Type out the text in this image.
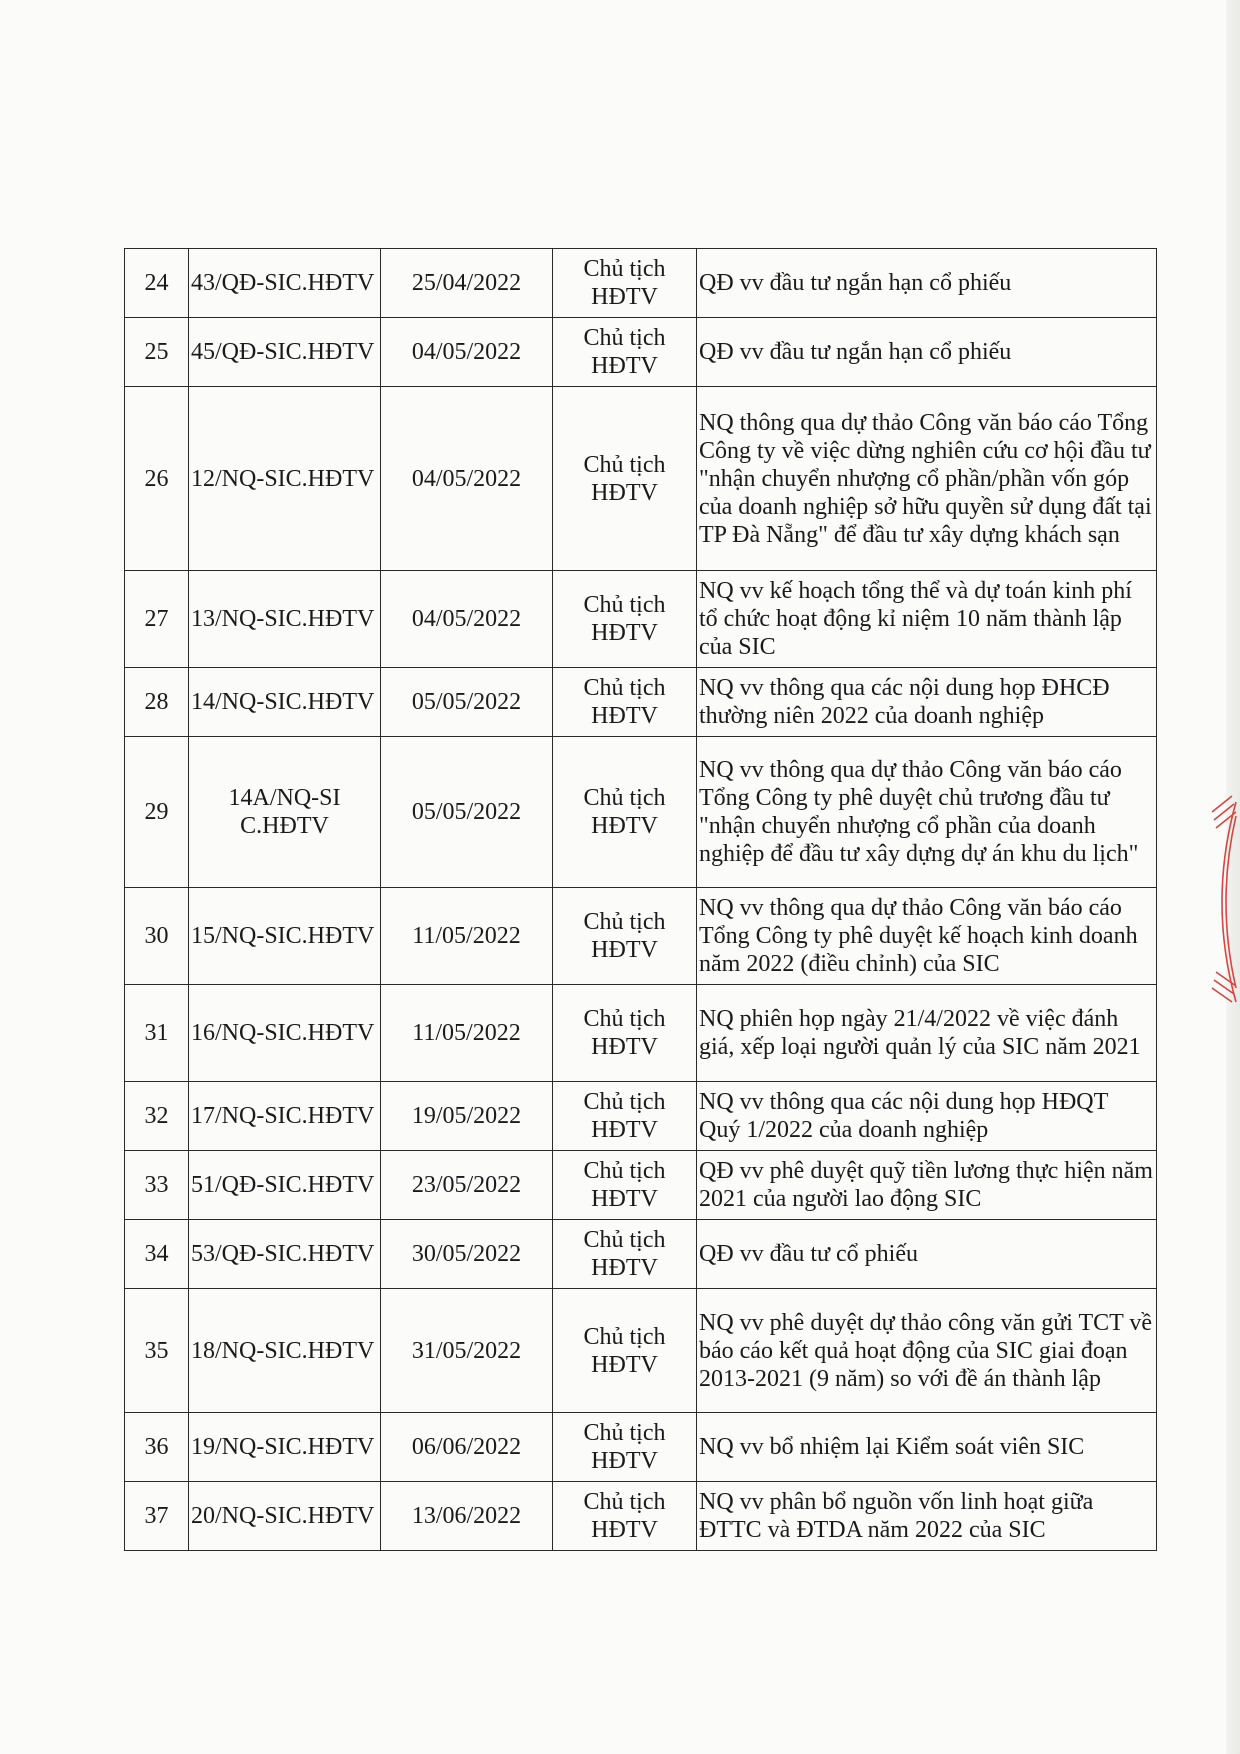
24	43/QĐ-SIC.HĐTV	25/04/2022	Chủ tịch HĐTV	QĐ vv đầu tư ngắn hạn cổ phiếu
25	45/QĐ-SIC.HĐTV	04/05/2022	Chủ tịch HĐTV	QĐ vv đầu tư ngắn hạn cổ phiếu
26	12/NQ-SIC.HĐTV	04/05/2022	Chủ tịch HĐTV	NQ thông qua dự thảo Công văn báo cáo Tổng Công ty về việc dừng nghiên cứu cơ hội đầu tư "nhận chuyển nhượng cổ phần/phần vốn góp của doanh nghiệp sở hữu quyền sử dụng đất tại TP Đà Nẵng" để đầu tư xây dựng khách sạn
27	13/NQ-SIC.HĐTV	04/05/2022	Chủ tịch HĐTV	NQ vv kế hoạch tổng thể và dự toán kinh phí tổ chức hoạt động kỉ niệm 10 năm thành lập của SIC
28	14/NQ-SIC.HĐTV	05/05/2022	Chủ tịch HĐTV	NQ vv thông qua các nội dung họp ĐHCĐ thường niên 2022 của doanh nghiệp
29	14A/NQ-SIC.HĐTV	05/05/2022	Chủ tịch HĐTV	NQ vv thông qua dự thảo Công văn báo cáo Tổng Công ty phê duyệt chủ trương đầu tư "nhận chuyển nhượng cổ phần của doanh nghiệp để đầu tư xây dựng dự án khu du lịch"
30	15/NQ-SIC.HĐTV	11/05/2022	Chủ tịch HĐTV	NQ vv thông qua dự thảo Công văn báo cáo Tổng Công ty phê duyệt kế hoạch kinh doanh năm 2022 (điều chỉnh) của SIC
31	16/NQ-SIC.HĐTV	11/05/2022	Chủ tịch HĐTV	NQ phiên họp ngày 21/4/2022 về việc đánh giá, xếp loại người quản lý của SIC năm 2021
32	17/NQ-SIC.HĐTV	19/05/2022	Chủ tịch HĐTV	NQ vv thông qua các nội dung họp HĐQT Quý 1/2022 của doanh nghiệp
33	51/QĐ-SIC.HĐTV	23/05/2022	Chủ tịch HĐTV	QĐ vv phê duyệt quỹ tiền lương thực hiện năm 2021 của người lao động SIC
34	53/QĐ-SIC.HĐTV	30/05/2022	Chủ tịch HĐTV	QĐ vv đầu tư cổ phiếu
35	18/NQ-SIC.HĐTV	31/05/2022	Chủ tịch HĐTV	NQ vv phê duyệt dự thảo công văn gửi TCT về báo cáo kết quả hoạt động của SIC giai đoạn 2013-2021 (9 năm) so với đề án thành lập
36	19/NQ-SIC.HĐTV	06/06/2022	Chủ tịch HĐTV	NQ vv bổ nhiệm lại Kiểm soát viên SIC
37	20/NQ-SIC.HĐTV	13/06/2022	Chủ tịch HĐTV	NQ vv phân bổ nguồn vốn linh hoạt giữa ĐTTC và ĐTDA năm 2022 của SIC
